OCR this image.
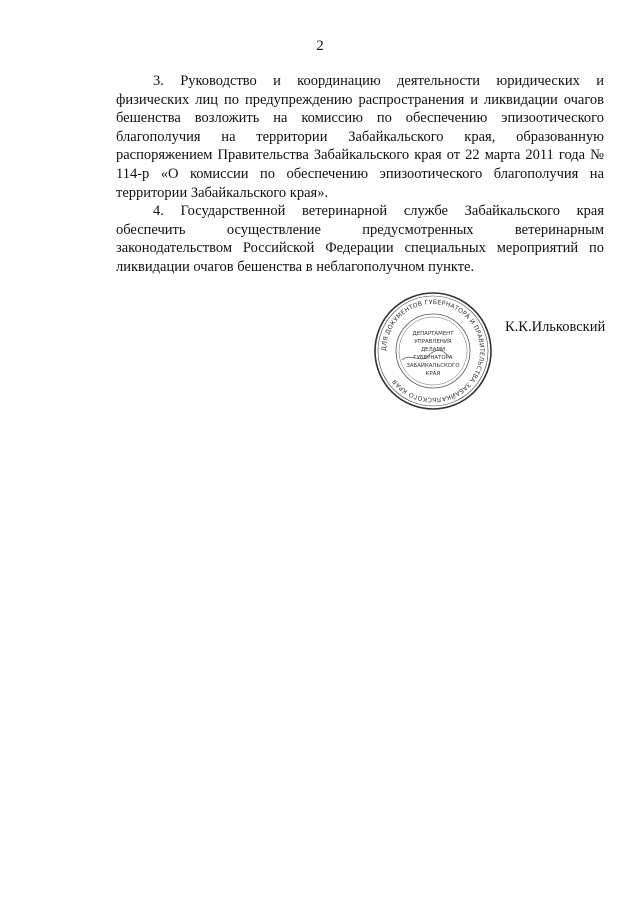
2

3. Руководство и координацию деятельности юридических и физических лиц по предупреждению распространения и ликвидации очагов бешенства возложить на комиссию по обеспечению эпизоотического благополучия на территории Забайкальского края, образованную распоряжением Правительства Забайкальского края от 22 марта 2011 года № 114-р «О комиссии по обеспечению эпизоотического благополучия на территории Забайкальского края».

4. Государственной ветеринарной службе Забайкальского края обеспечить осуществление предусмотренных ветеринарным законодательством Российской Федерации специальных мероприятий по ликвидации очагов бешенства в неблагополучном пункте.

ДЛЯ ДОКУМЕНТОВ ГУБЕРНАТОРА И ПРАВИТЕЛЬСТВА ЗАБАЙКАЛЬСКОГО КРАЯ
ДЕПАРТАМЕНТ
УПРАВЛЕНИЯ
ДЕЛАМИ
ГУБЕРНАТОРА
ЗАБАЙКАЛЬСКОГО
КРАЯ
К.К.Ильковский
